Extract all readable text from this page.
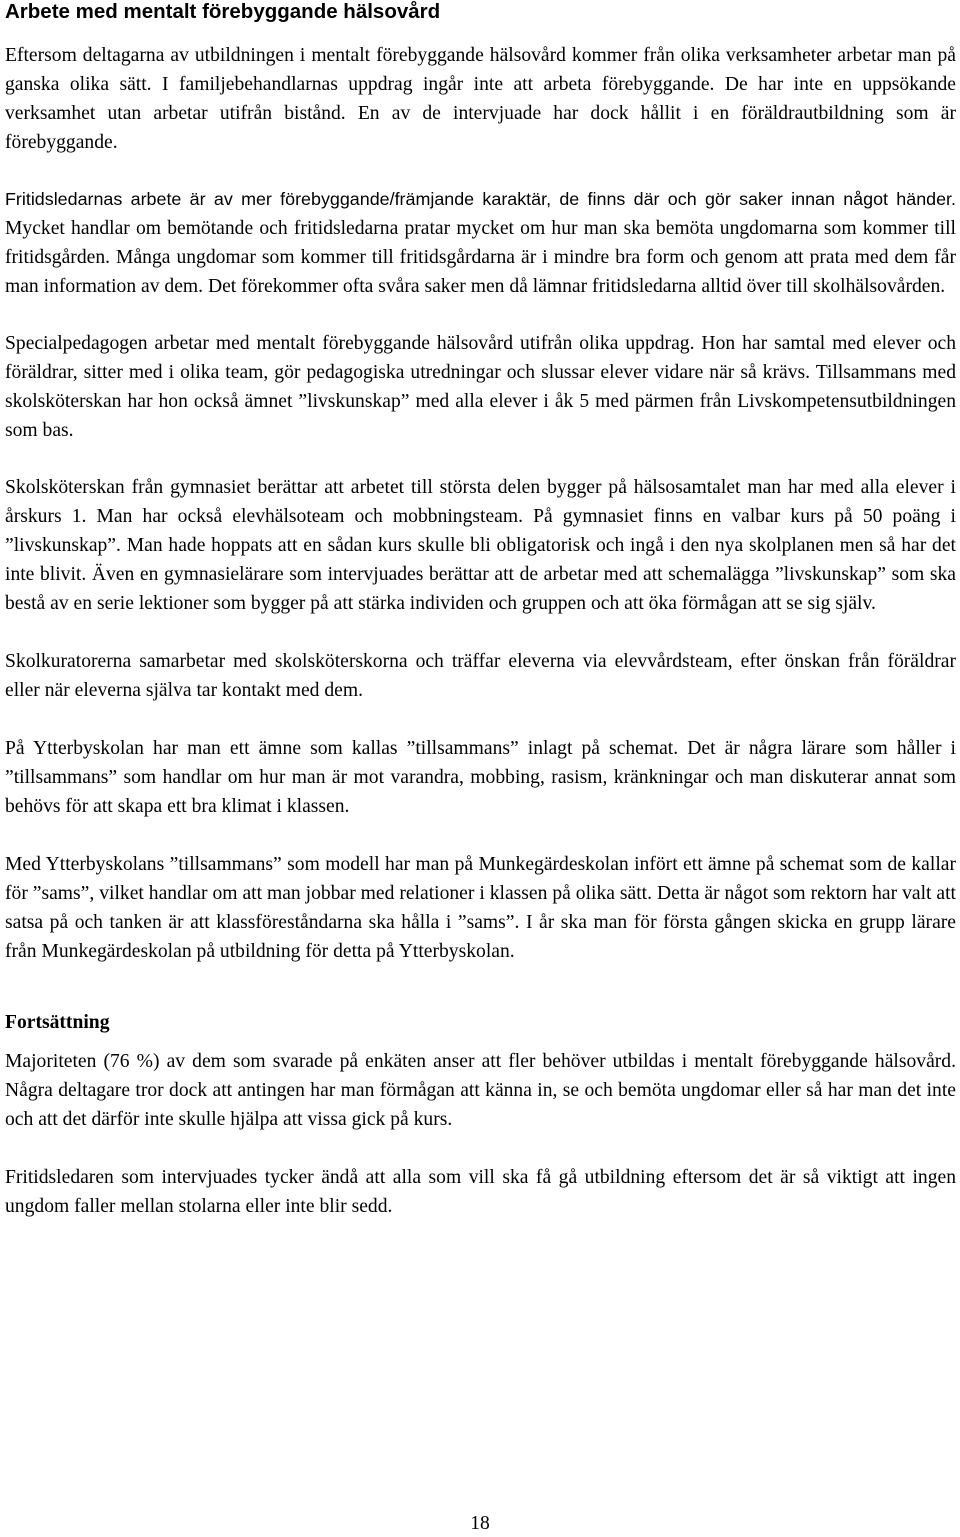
Arbete med mentalt förebyggande hälsovård

Eftersom deltagarna av utbildningen i mentalt förebyggande hälsovård kommer från olika verksamheter arbetar man på ganska olika sätt. I familjebehandlarnas uppdrag ingår inte att arbeta förebyggande. De har inte en uppsökande verksamhet utan arbetar utifrån bistånd. En av de intervjuade har dock hållit i en föräldrautbildning som är förebyggande.

Fritidsledarnas arbete är av mer förebyggande/främjande karaktär, de finns där och gör saker innan något händer. Mycket handlar om bemötande och fritidsledarna pratar mycket om hur man ska bemöta ungdomarna som kommer till fritidsgården. Många ungdomar som kommer till fritidsgårdarna är i mindre bra form och genom att prata med dem får man information av dem. Det förekommer ofta svåra saker men då lämnar fritidsledarna alltid över till skolhälsovården.

Specialpedagogen arbetar med mentalt förebyggande hälsovård utifrån olika uppdrag. Hon har samtal med elever och föräldrar, sitter med i olika team, gör pedagogiska utredningar och slussar elever vidare när så krävs. Tillsammans med skolsköterskan har hon också ämnet ”livskunskap” med alla elever i åk 5 med pärmen från Livskompetensutbildningen som bas.

Skolsköterskan från gymnasiet berättar att arbetet till största delen bygger på hälsosamtalet man har med alla elever i årskurs 1. Man har också elevhälsoteam och mobbningsteam. På gymnasiet finns en valbar kurs på 50 poäng i ”livskunskap”. Man hade hoppats att en sådan kurs skulle bli obligatorisk och ingå i den nya skolplanen men så har det inte blivit. Även en gymnasielärare som intervjuades berättar att de arbetar med att schemalägga ”livskunskap” som ska bestå av en serie lektioner som bygger på att stärka individen och gruppen och att öka förmågan att se sig själv.

Skolkuratorerna samarbetar med skolsköterskorna och träffar eleverna via elevvårdsteam, efter önskan från föräldrar eller när eleverna själva tar kontakt med dem.

På Ytterbyskolan har man ett ämne som kallas ”tillsammans” inlagt på schemat. Det är några lärare som håller i ”tillsammans” som handlar om hur man är mot varandra, mobbing, rasism, kränkningar och man diskuterar annat som behövs för att skapa ett bra klimat i klassen.

Med Ytterbyskolans ”tillsammans” som modell har man på Munkegärdeskolan infört ett ämne på schemat som de kallar för ”sams”, vilket handlar om att man jobbar med relationer i klassen på olika sätt. Detta är något som rektorn har valt att satsa på och tanken är att klassföreståndarna ska hålla i ”sams”. I år ska man för första gången skicka en grupp lärare från Munkegärdeskolan på utbildning för detta på Ytterbyskolan.

Fortsättning

Majoriteten (76 %) av dem som svarade på enkäten anser att fler behöver utbildas i mentalt förebyggande hälsovård. Några deltagare tror dock att antingen har man förmågan att känna in, se och bemöta ungdomar eller så har man det inte och att det därför inte skulle hjälpa att vissa gick på kurs.

Fritidsledaren som intervjuades tycker ändå att alla som vill ska få gå utbildning eftersom det är så viktigt att ingen ungdom faller mellan stolarna eller inte blir sedd.

18
